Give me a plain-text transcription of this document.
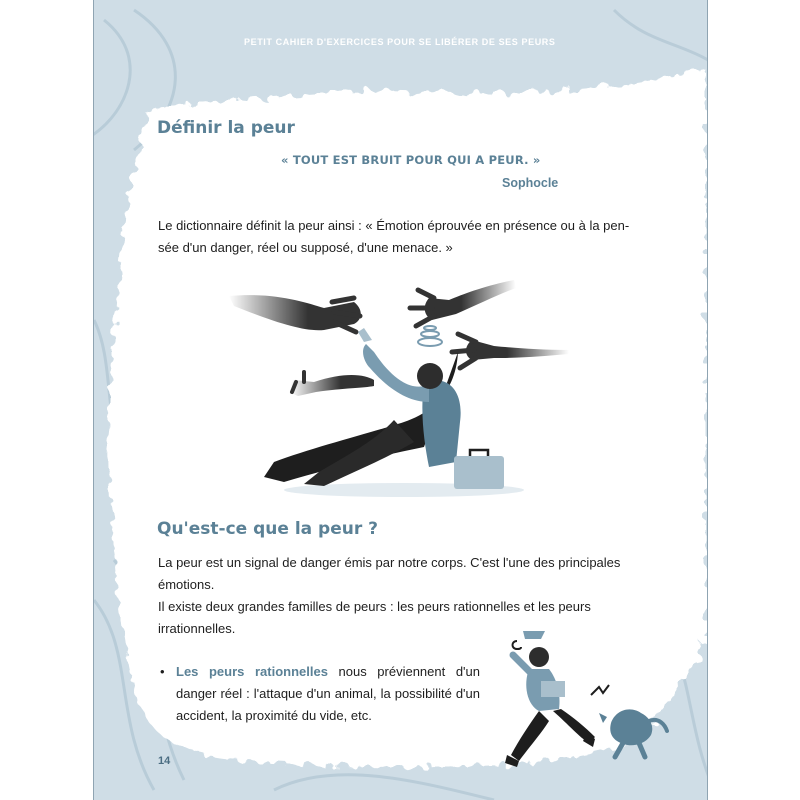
PETIT CAHIER D'EXERCICES POUR SE LIBÉRER DE SES PEURS
Définir la peur
« TOUT EST BRUIT POUR QUI A PEUR. »
Sophocle
Le dictionnaire définit la peur ainsi : « Émotion éprouvée en présence ou à la pen-
sée d'un danger, réel ou supposé, d'une menace. »
Qu'est-ce que la peur ?
La peur est un signal de danger émis par notre corps. C'est l'une des principales
émotions.
Il existe deux grandes familles de peurs : les peurs rationnelles et les peurs
irrationnelles.
• Les peurs rationnelles nous préviennent d'un danger réel : l'attaque d'un animal, la possibilité d'un accident, la proximité du vide, etc.
14
